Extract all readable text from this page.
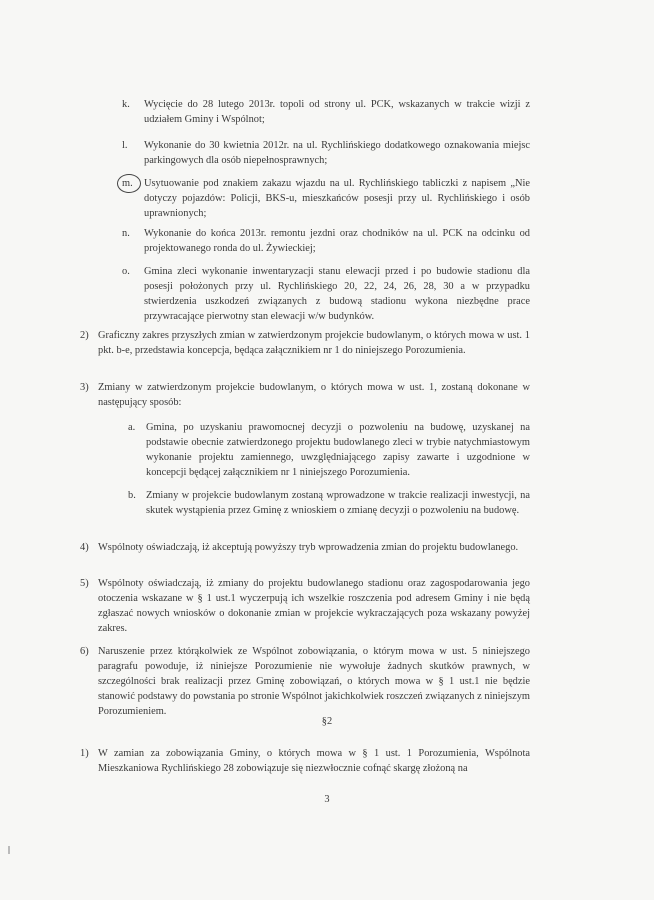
k. Wycięcie do 28 lutego 2013r. topoli od strony ul. PCK, wskazanych w trakcie wizji z udziałem Gminy i Wspólnot;
l. Wykonanie do 30 kwietnia 2012r. na ul. Rychlińskiego dodatkowego oznakowania miejsc parkingowych dla osób niepełnosprawnych;
m. Usytuowanie pod znakiem zakazu wjazdu na ul. Rychlińskiego tabliczki z napisem „Nie dotyczy pojazdów: Policji, BKS-u, mieszkańców posesji przy ul. Rychlińskiego i osób uprawnionych;
n. Wykonanie do końca 2013r. remontu jezdni oraz chodników na ul. PCK na odcinku od projektowanego ronda do ul. Żywieckiej;
o. Gmina zleci wykonanie inwentaryzacji stanu elewacji przed i po budowie stadionu dla posesji położonych przy ul. Rychlińskiego 20, 22, 24, 26, 28, 30 a w przypadku stwierdzenia uszkodzeń związanych z budową stadionu wykona niezbędne prace przywracające pierwotny stan elewacji w/w budynków.
2) Graficzny zakres przyszłych zmian w zatwierdzonym projekcie budowlanym, o których mowa w ust. 1 pkt. b-e, przedstawia koncepcja, będąca załącznikiem nr 1 do niniejszego Porozumienia.
3) Zmiany w zatwierdzonym projekcie budowlanym, o których mowa w ust. 1, zostaną dokonane w następujący sposób:
a. Gmina, po uzyskaniu prawomocnej decyzji o pozwoleniu na budowę, uzyskanej na podstawie obecnie zatwierdzonego projektu budowlanego zleci w trybie natychmiastowym wykonanie projektu zamiennego, uwzględniającego zapisy zawarte i uzgodnione w koncepcji będącej załącznikiem nr 1 niniejszego Porozumienia.
b. Zmiany w projekcie budowlanym zostaną wprowadzone w trakcie realizacji inwestycji, na skutek wystąpienia przez Gminę z wnioskiem o zmianę decyzji o pozwoleniu na budowę.
4) Wspólnoty oświadczają, iż akceptują powyższy tryb wprowadzenia zmian do projektu budowlanego.
5) Wspólnoty oświadczają, iż zmiany do projektu budowlanego stadionu oraz zagospodarowania jego otoczenia wskazane w § 1 ust.1 wyczerpują ich wszelkie roszczenia pod adresem Gminy i nie będą zgłaszać nowych wniosków o dokonanie zmian w projekcie wykraczających poza wskazany powyżej zakres.
6) Naruszenie przez którąkolwiek ze Wspólnot zobowiązania, o którym mowa w ust. 5 niniejszego paragrafu powoduje, iż niniejsze Porozumienie nie wywołuje żadnych skutków prawnych, w szczególności brak realizacji przez Gminę zobowiązań, o których mowa w § 1 ust.1 nie będzie stanowić podstawy do powstania po stronie Wspólnot jakichkolwiek roszczeń związanych z niniejszym Porozumieniem.
§2
1) W zamian za zobowiązania Gminy, o których mowa w § 1 ust. 1 Porozumienia, Wspólnota Mieszkaniowa Rychlińskiego 28 zobowiązuje się niezwłocznie cofnąć skargę złożoną na
3
